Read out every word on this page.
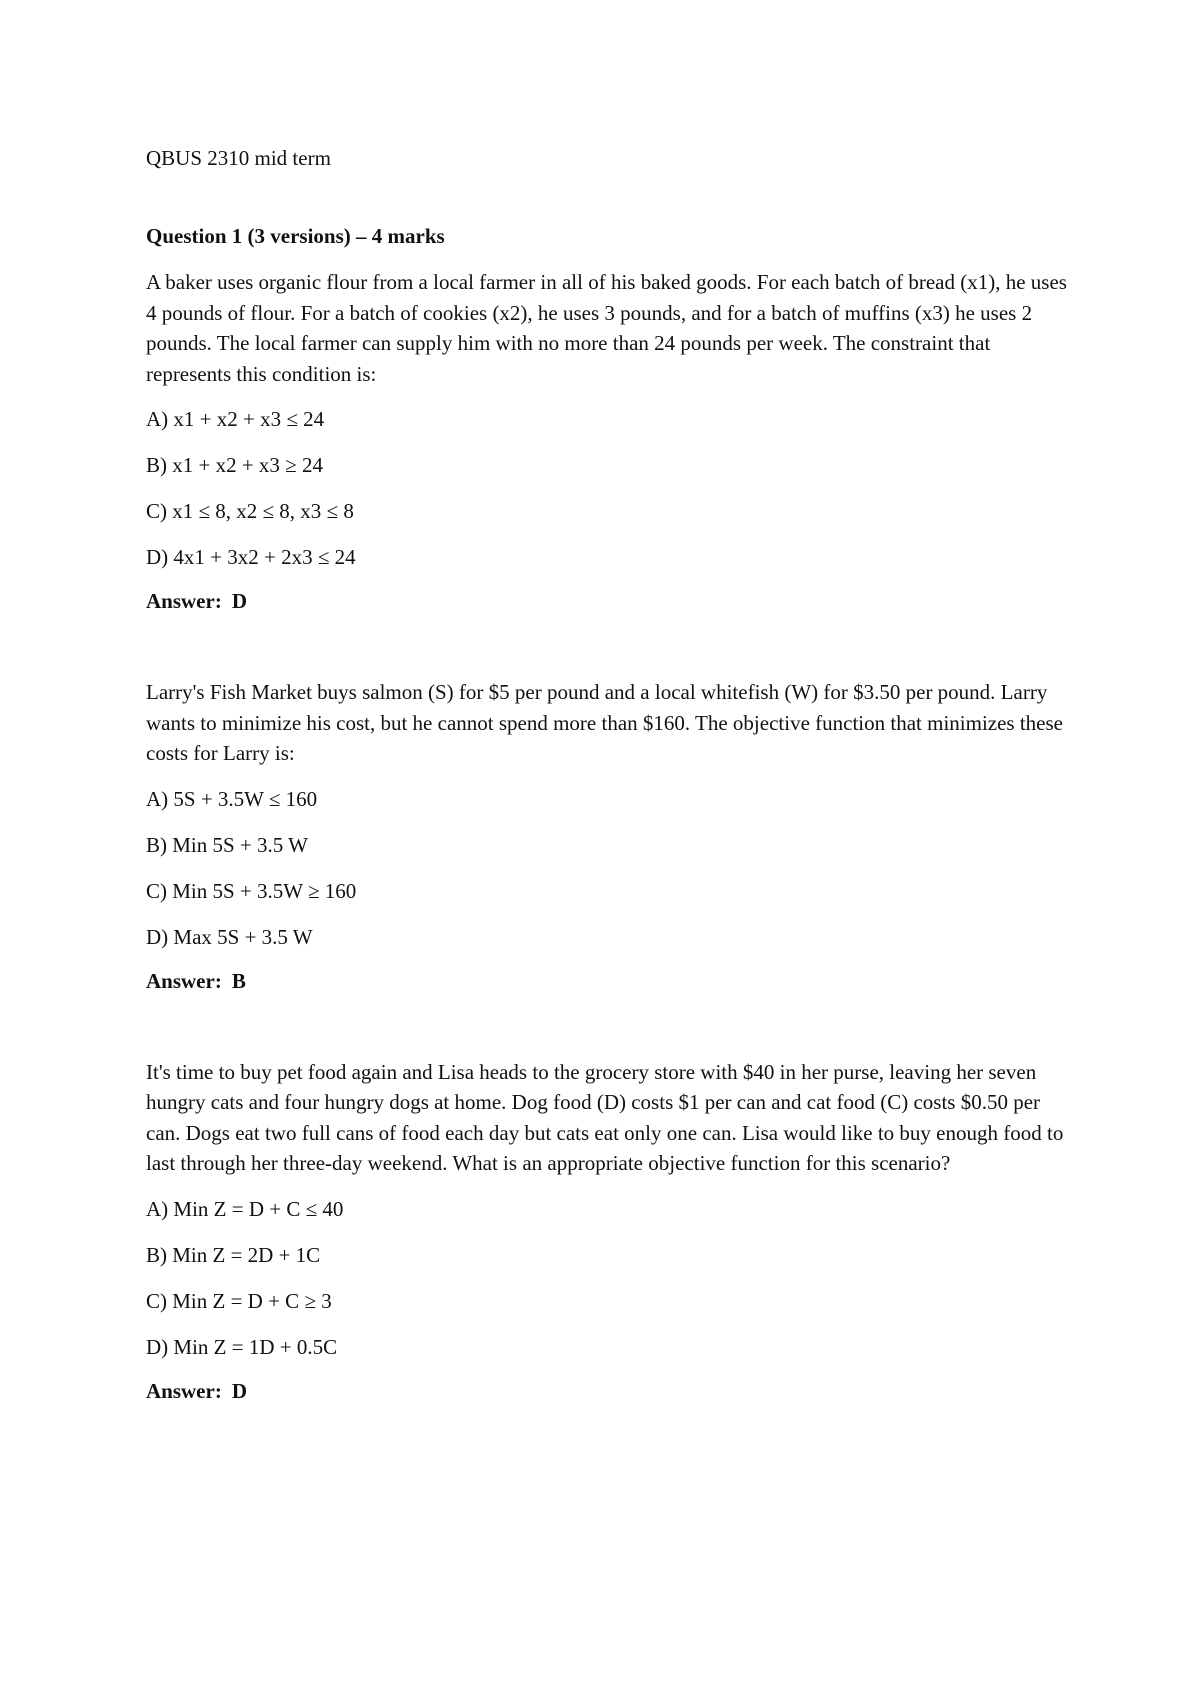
QBUS 2310 mid term

Question 1 (3 versions) – 4 marks

A baker uses organic flour from a local farmer in all of his baked goods. For each batch of bread (x1), he uses 4 pounds of flour. For a batch of cookies (x2), he uses 3 pounds, and for a batch of muffins (x3) he uses 2 pounds. The local farmer can supply him with no more than 24 pounds per week. The constraint that represents this condition is:

A) x1 + x2 + x3 ≤ 24

B) x1 + x2 + x3 ≥ 24

C) x1 ≤ 8, x2 ≤ 8, x3 ≤ 8

D) 4x1 + 3x2 + 2x3 ≤ 24

Answer: D

Larry's Fish Market buys salmon (S) for $5 per pound and a local whitefish (W) for $3.50 per pound. Larry wants to minimize his cost, but he cannot spend more than $160. The objective function that minimizes these costs for Larry is:

A) 5S + 3.5W ≤ 160

B) Min 5S + 3.5 W

C) Min 5S + 3.5W ≥ 160

D) Max 5S + 3.5 W

Answer: B

It's time to buy pet food again and Lisa heads to the grocery store with $40 in her purse, leaving her seven hungry cats and four hungry dogs at home. Dog food (D) costs $1 per can and cat food (C) costs $0.50 per can. Dogs eat two full cans of food each day but cats eat only one can. Lisa would like to buy enough food to last through her three-day weekend. What is an appropriate objective function for this scenario?

A) Min Z = D + C ≤ 40

B) Min Z = 2D + 1C

C) Min Z = D + C ≥ 3

D) Min Z = 1D + 0.5C

Answer: D
